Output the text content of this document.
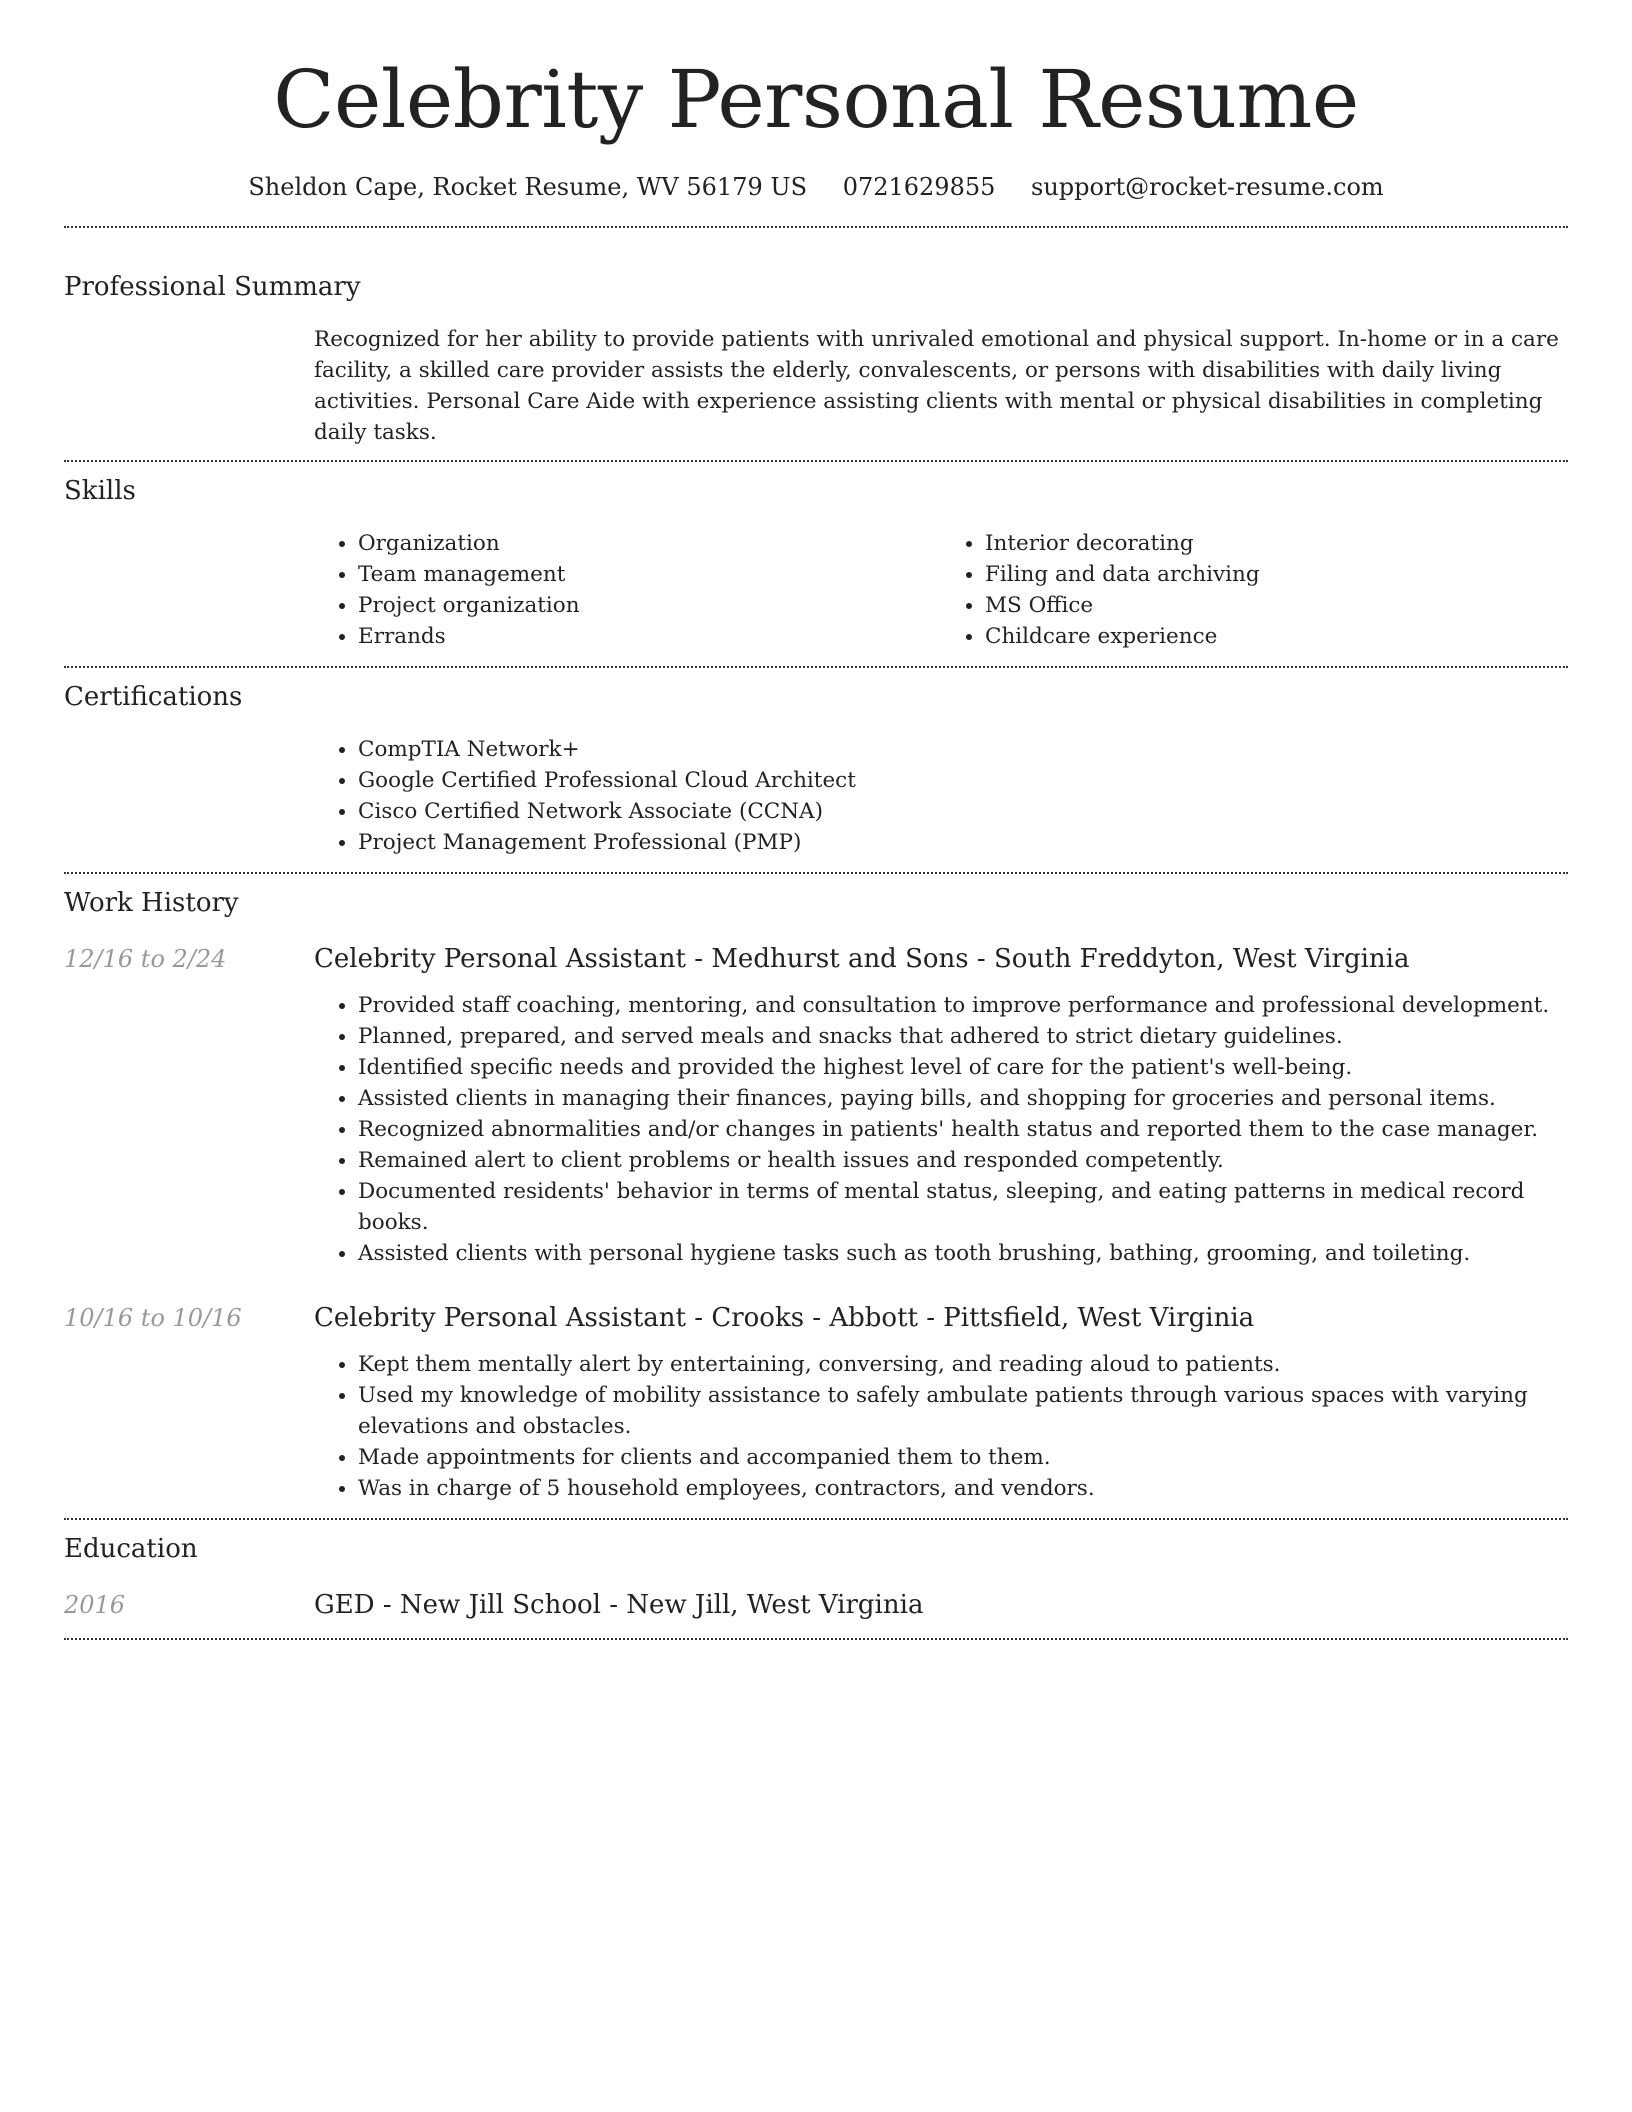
Celebrity Personal Resume
Sheldon Cape, Rocket Resume, WV 56179 US 0721629855 support@rocket-resume.com
Professional Summary
Recognized for her ability to provide patients with unrivaled emotional and physical support. In-home or in a care facility, a skilled care provider assists the elderly, convalescents, or persons with disabilities with daily living activities. Personal Care Aide with experience assisting clients with mental or physical disabilities in completing daily tasks.
Skills
• Organization
• Team management
• Project organization
• Errands
• Interior decorating
• Filing and data archiving
• MS Office
• Childcare experience
Certifications
• CompTIA Network+
• Google Certified Professional Cloud Architect
• Cisco Certified Network Associate (CCNA)
• Project Management Professional (PMP)
Work History
12/16 to 2/24	Celebrity Personal Assistant - Medhurst and Sons - South Freddyton, West Virginia
• Provided staff coaching, mentoring, and consultation to improve performance and professional development.
• Planned, prepared, and served meals and snacks that adhered to strict dietary guidelines.
• Identified specific needs and provided the highest level of care for the patient's well-being.
• Assisted clients in managing their finances, paying bills, and shopping for groceries and personal items.
• Recognized abnormalities and/or changes in patients' health status and reported them to the case manager.
• Remained alert to client problems or health issues and responded competently.
• Documented residents' behavior in terms of mental status, sleeping, and eating patterns in medical record books.
• Assisted clients with personal hygiene tasks such as tooth brushing, bathing, grooming, and toileting.
10/16 to 10/16	Celebrity Personal Assistant - Crooks - Abbott - Pittsfield, West Virginia
• Kept them mentally alert by entertaining, conversing, and reading aloud to patients.
• Used my knowledge of mobility assistance to safely ambulate patients through various spaces with varying elevations and obstacles.
• Made appointments for clients and accompanied them to them.
• Was in charge of 5 household employees, contractors, and vendors.
Education
2016	GED - New Jill School - New Jill, West Virginia
